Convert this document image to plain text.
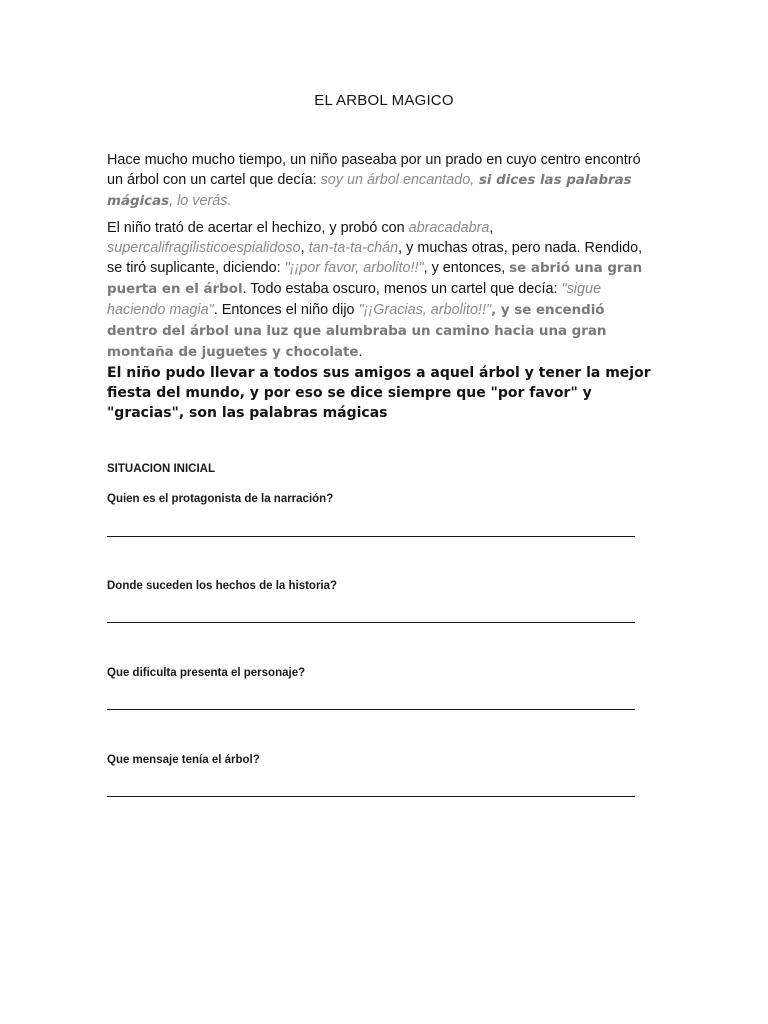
EL ARBOL MAGICO
Hace mucho mucho tiempo, un niño paseaba por un prado en cuyo centro encontró un árbol con un cartel que decía: soy un árbol encantado, si dices las palabras mágicas, lo verás.
El niño trató de acertar el hechizo, y probó con abracadabra, supercalifragilisticoespialidoso, tan-ta-ta-chán, y muchas otras, pero nada. Rendido, se tiró suplicante, diciendo: "¡¡por favor, arbolito!!", y entonces, se abrió una gran puerta en el árbol. Todo estaba oscuro, menos un cartel que decía: "sigue haciendo magia". Entonces el niño dijo "¡¡Gracias, arbolito!!", y se encendió dentro del árbol una luz que alumbraba un camino hacia una gran montaña de juguetes y chocolate.
El niño pudo llevar a todos sus amigos a aquel árbol y tener la mejor fiesta del mundo, y por eso se dice siempre que "por favor" y "gracias", son las palabras mágicas
SITUACION INICIAL
Quien es el protagonista de la narración?
Donde suceden los hechos de la historia?
Que dificulta presenta el personaje?
Que mensaje tenía el árbol?
